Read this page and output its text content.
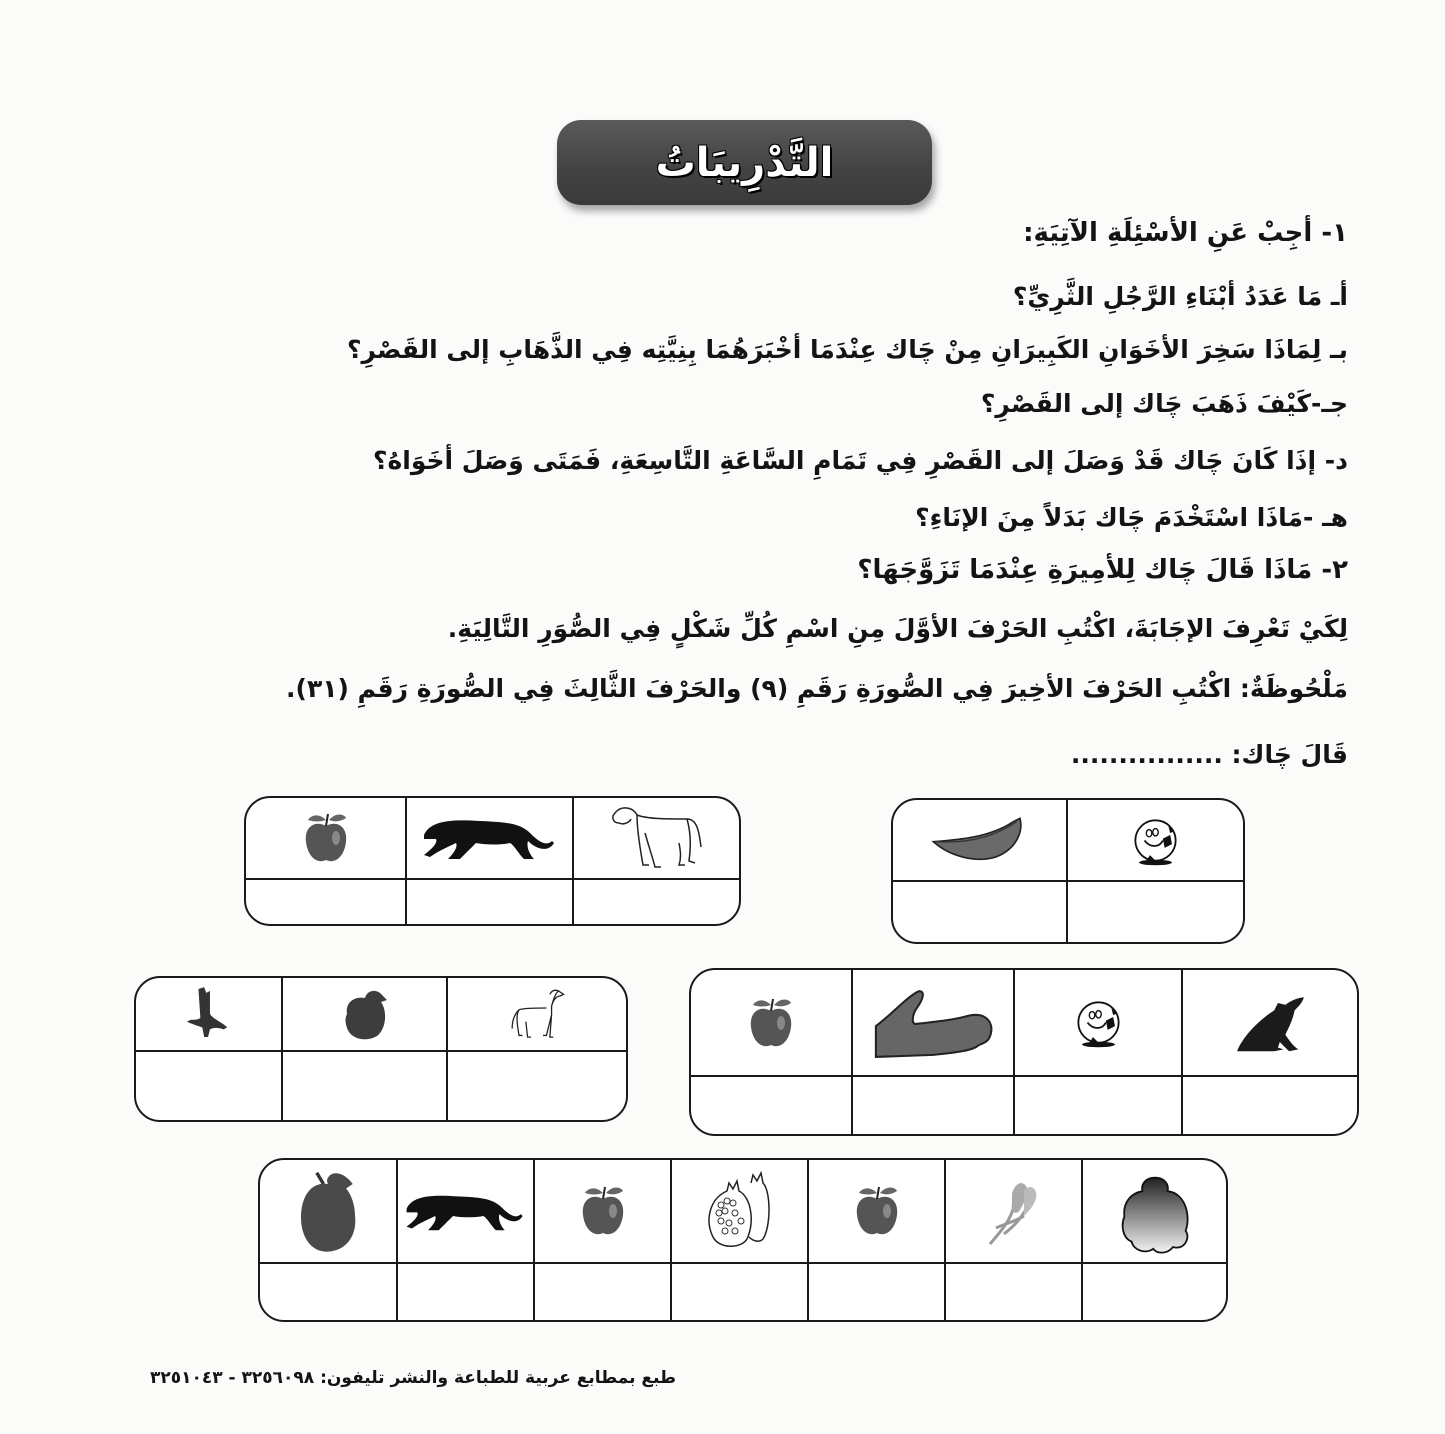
التَّدْرِيبَاتُ
١- أجِبْ عَنِ الأسْئِلَةِ الآتِيَةِ:
أـ مَا عَدَدُ أبْنَاءِ الرَّجُلِ الثَّرِيِّ؟
بـ لِمَاذَا سَخِرَ الأخَوَانِ الكَبِيرَانِ مِنْ چَاك عِنْدَمَا أخْبَرَهُمَا بِنِيَّتِه فِي الذَّهَابِ إلى القَصْرِ؟
جـ-كَيْفَ ذَهَبَ چَاك إلى القَصْرِ؟
د- إذَا كَانَ چَاك قَدْ وَصَلَ إلى القَصْرِ فِي تَمَامِ السَّاعَةِ التَّاسِعَةِ، فَمَتَى وَصَلَ أخَوَاهُ؟
هـ -مَاذَا اسْتَخْدَمَ چَاك بَدَلاً مِنَ الإنَاءِ؟
٢- مَاذَا قَالَ چَاك لِلأمِيرَةِ عِنْدَمَا تَزَوَّجَهَا؟
لِكَيْ تَعْرِفَ الإجَابَةَ، اكْتُبِ الحَرْفَ الأوَّلَ مِنِ اسْمِ كُلِّ شَكْلٍ فِي الصُّوَرِ التَّالِيَةِ.
مَلْحُوظَةٌ: اكْتُبِ الحَرْفَ الأخِيرَ فِي الصُّورَةِ رَقَمِ (٩) والحَرْفَ الثَّالِثَ فِي الصُّورَةِ رَقَمِ (٣١).
قَالَ چَاك: ................
طبع بمطابع عربية للطباعة والنشر تليفون: ٣٢٥٦٠٩٨ - ٣٢٥١٠٤٣
